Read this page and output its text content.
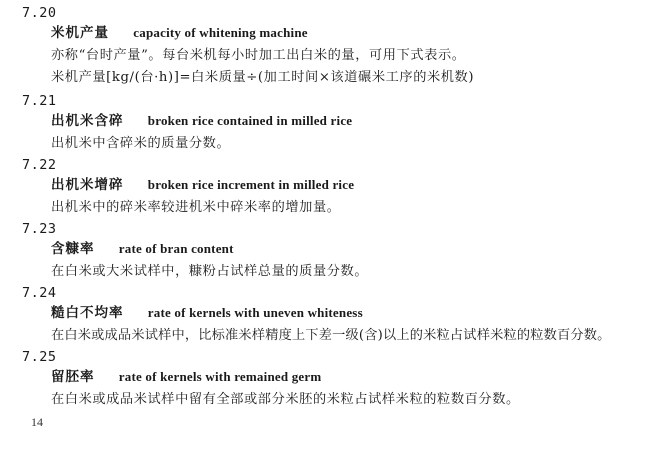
7.20
米机产量 capacity of whitening machine
亦称“台时产量”。每台米机每小时加工出白米的量，可用下式表示。
米机产量[kg/(台·h)]=白米质量÷(加工时间×该道碾米工序的米机数)
7.21
出机米含碎 broken rice contained in milled rice
出机米中含碎米的质量分数。
7.22
出机米增碎 broken rice increment in milled rice
出机米中的碎米率较进机米中碎米率的增加量。
7.23
含糠率 rate of bran content
在白米或大米试样中，糠粉占试样总量的质量分数。
7.24
糙白不均率 rate of kernels with uneven whiteness
在白米或成品米试样中，比标准米样精度上下差一级(含)以上的米粒占试样米粒的粒数百分数。
7.25
留胚率 rate of kernels with remained germ
在白米或成品米试样中留有全部或部分米胚的米粒占试样米粒的粒数百分数。
14
